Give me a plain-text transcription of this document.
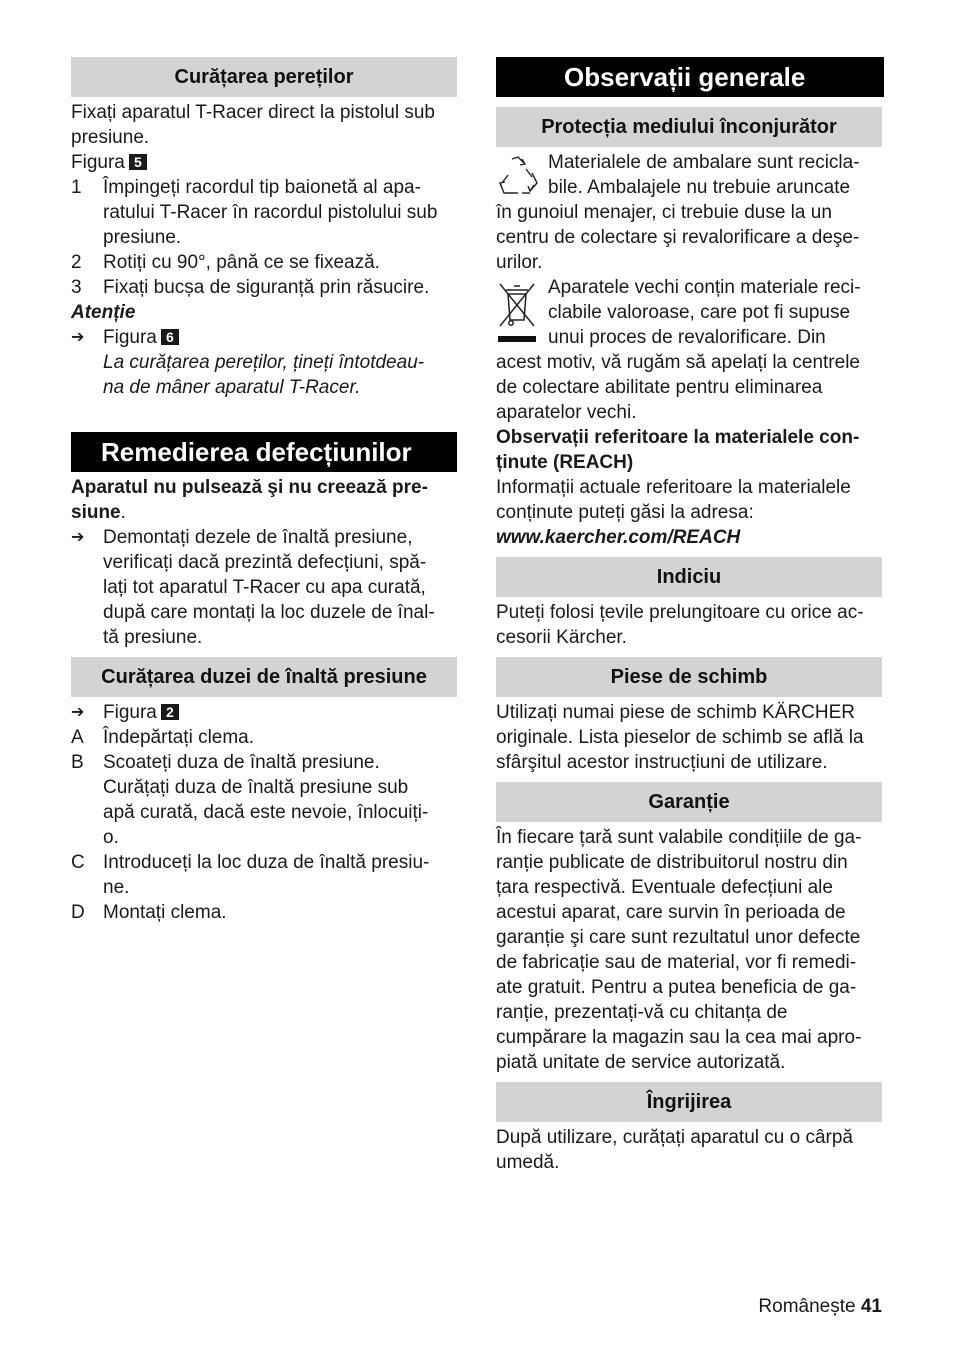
Curățarea pereților
Fixați aparatul T-Racer direct la pistolul sub
presiune.
Figura 5
1 Împingeți racordul tip baionetă al apa-
ratului T-Racer în racordul pistolului sub
presiune.
2 Rotiți cu 90°, până ce se fixează.
3 Fixați bucșa de siguranță prin răsucire.
Atenție
➔ Figura 6
La curățarea pereților, țineți întotdeau-
na de mâner aparatul T-Racer.
Remedierea defecțiunilor
Aparatul nu pulsează şi nu creează pre-
siune.
➔ Demontați dezele de înaltă presiune,
verificați dacă prezintă defecțiuni, spă-
lați tot aparatul T-Racer cu apa curată,
după care montați la loc duzele de înal-
tă presiune.
Curățarea duzei de înaltă presiune
➔ Figura 2
A Îndepărtați clema.
B Scoateți duza de înaltă presiune.
Curățați duza de înaltă presiune sub
apă curată, dacă este nevoie, înlocuiți-
o.
C Introduceți la loc duza de înaltă presiu-
ne.
D Montați clema.
Observații generale
Protecția mediului înconjurător
Materialele de ambalare sunt recicla-
bile. Ambalajele nu trebuie aruncate
în gunoiul menajer, ci trebuie duse la un
centru de colectare şi revalorificare a deşe-
urilor.
Aparatele vechi conțin materiale reci-
clabile valoroase, care pot fi supuse
unui proces de revalorificare. Din
acest motiv, vă rugăm să apelați la centrele
de colectare abilitate pentru eliminarea
aparatelor vechi.
Observații referitoare la materialele con-
ținute (REACH)
Informații actuale referitoare la materialele
conținute puteți găsi la adresa:
www.kaercher.com/REACH
Indiciu
Puteți folosi țevile prelungitoare cu orice ac-
cesorii Kärcher.
Piese de schimb
Utilizați numai piese de schimb KÄRCHER
originale. Lista pieselor de schimb se află la
sfârşitul acestor instrucțiuni de utilizare.
Garanție
În fiecare țară sunt valabile condițiile de ga-
ranție publicate de distribuitorul nostru din
țara respectivă. Eventuale defecțiuni ale
acestui aparat, care survin în perioada de
garanție şi care sunt rezultatul unor defecte
de fabricație sau de material, vor fi remedi-
ate gratuit. Pentru a putea beneficia de ga-
ranție, prezentați-vă cu chitanța de
cumpărare la magazin sau la cea mai apro-
piată unitate de service autorizată.
Îngrijirea
După utilizare, curățați aparatul cu o cârpă
umedă.
Românește 41
